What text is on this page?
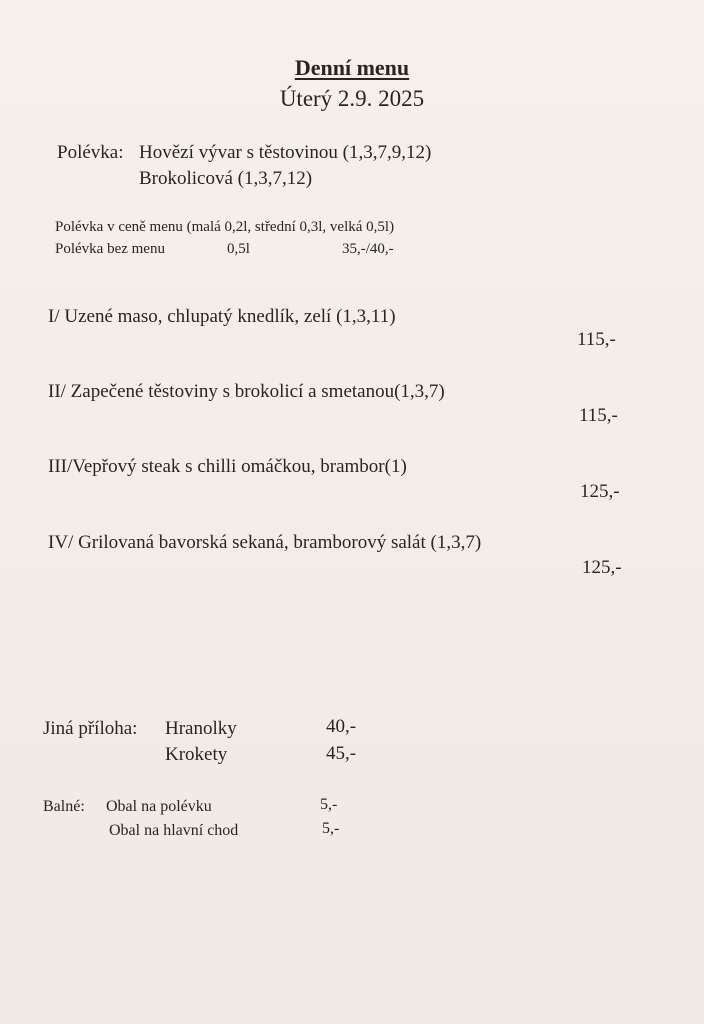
Denní menu
Úterý 2.9. 2025
Polévka: Hovězí vývar s těstovinou (1,3,7,9,12)
Brokolicová (1,3,7,12)
Polévka v ceně menu (malá 0,2l, střední 0,3l, velká 0,5l)
Polévka bez menu	0,5l	35,-/40,-
I/ Uzené maso, chlupatý knedlík, zelí (1,3,11)
115,-
II/ Zapečené těstoviny s brokolicí a smetanou(1,3,7)
115,-
III/Vepřový steak s chilli omáčkou, brambor(1)
125,-
IV/ Grilovaná bavorská sekaná, bramborový salát (1,3,7)
125,-
Jiná příloha: Hranolky	40,-
Krokety	45,-
Balné: Obal na polévku	5,-
Obal na hlavní chod	5,-
